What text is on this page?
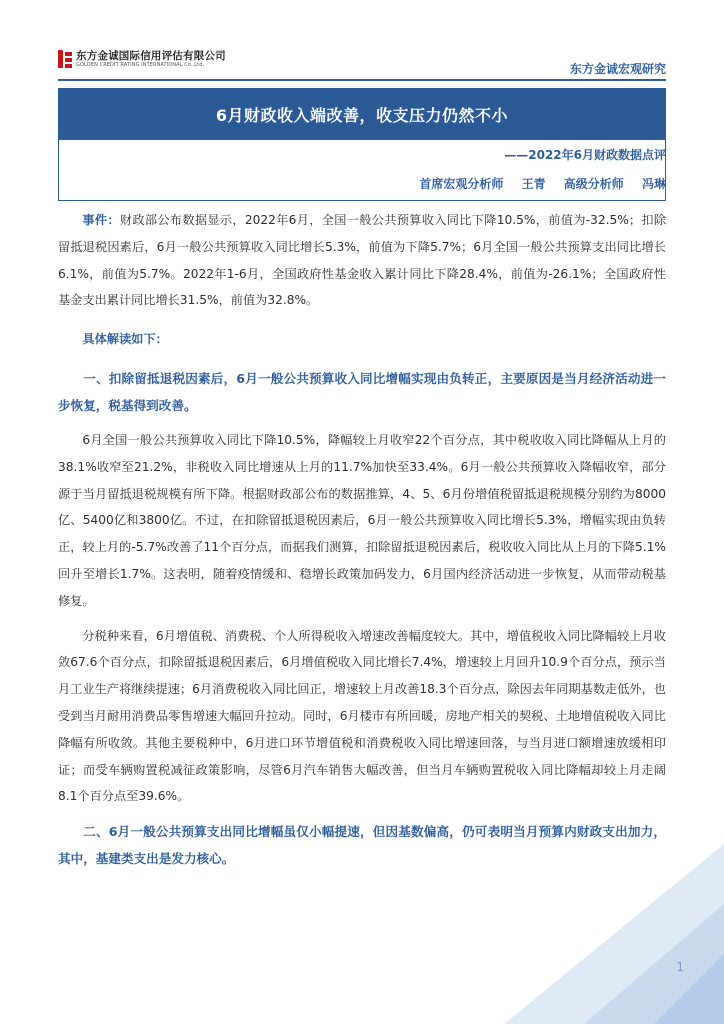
东方金诚国际信用评估有限公司
GOLDEN CREDIT RATING INTERNATIONAL Co.,Ltd.	东方金诚宏观研究
6月财政收入端改善，收支压力仍然不小
——2022年6月财政数据点评
首席宏观分析师 王青 高级分析师 冯琳

事件：财政部公布数据显示，2022年6月，全国一般公共预算收入同比下降10.5%，前值为-32.5%；扣除留抵退税因素后，6月一般公共预算收入同比增长5.3%，前值为下降5.7%；6月全国一般公共预算支出同比增长6.1%，前值为5.7%。2022年1-6月，全国政府性基金收入累计同比下降28.4%，前值为-26.1%；全国政府性基金支出累计同比增长31.5%，前值为32.8%。

具体解读如下：

一、扣除留抵退税因素后，6月一般公共预算收入同比增幅实现由负转正，主要原因是当月经济活动进一步恢复，税基得到改善。

6月全国一般公共预算收入同比下降10.5%，降幅较上月收窄22个百分点，其中税收收入同比降幅从上月的38.1%收窄至21.2%，非税收入同比增速从上月的11.7%加快至33.4%。6月一般公共预算收入降幅收窄，部分源于当月留抵退税规模有所下降。根据财政部公布的数据推算，4、5、6月份增值税留抵退税规模分别约为8000亿、5400亿和3800亿。不过，在扣除留抵退税因素后，6月一般公共预算收入同比增长5.3%，增幅实现由负转正，较上月的-5.7%改善了11个百分点，而据我们测算，扣除留抵退税因素后，税收收入同比从上月的下降5.1%回升至增长1.7%。这表明，随着疫情缓和、稳增长政策加码发力，6月国内经济活动进一步恢复，从而带动税基修复。

分税种来看，6月增值税、消费税、个人所得税收入增速改善幅度较大。其中，增值税收入同比降幅较上月收敛67.6个百分点，扣除留抵退税因素后，6月增值税收入同比增长7.4%，增速较上月回升10.9个百分点，预示当月工业生产将继续提速；6月消费税收入同比回正，增速较上月改善18.3个百分点，除因去年同期基数走低外，也受到当月耐用消费品零售增速大幅回升拉动。同时，6月楼市有所回暖，房地产相关的契税、土地增值税收入同比降幅有所收敛。其他主要税种中，6月进口环节增值税和消费税收入同比增速回落，与当月进口额增速放缓相印证；而受车辆购置税减征政策影响，尽管6月汽车销售大幅改善，但当月车辆购置税收入同比降幅却较上月走阔8.1个百分点至39.6%。

二、6月一般公共预算支出同比增幅虽仅小幅提速，但因基数偏高，仍可表明当月预算内财政支出加力，其中，基建类支出是发力核心。

1
